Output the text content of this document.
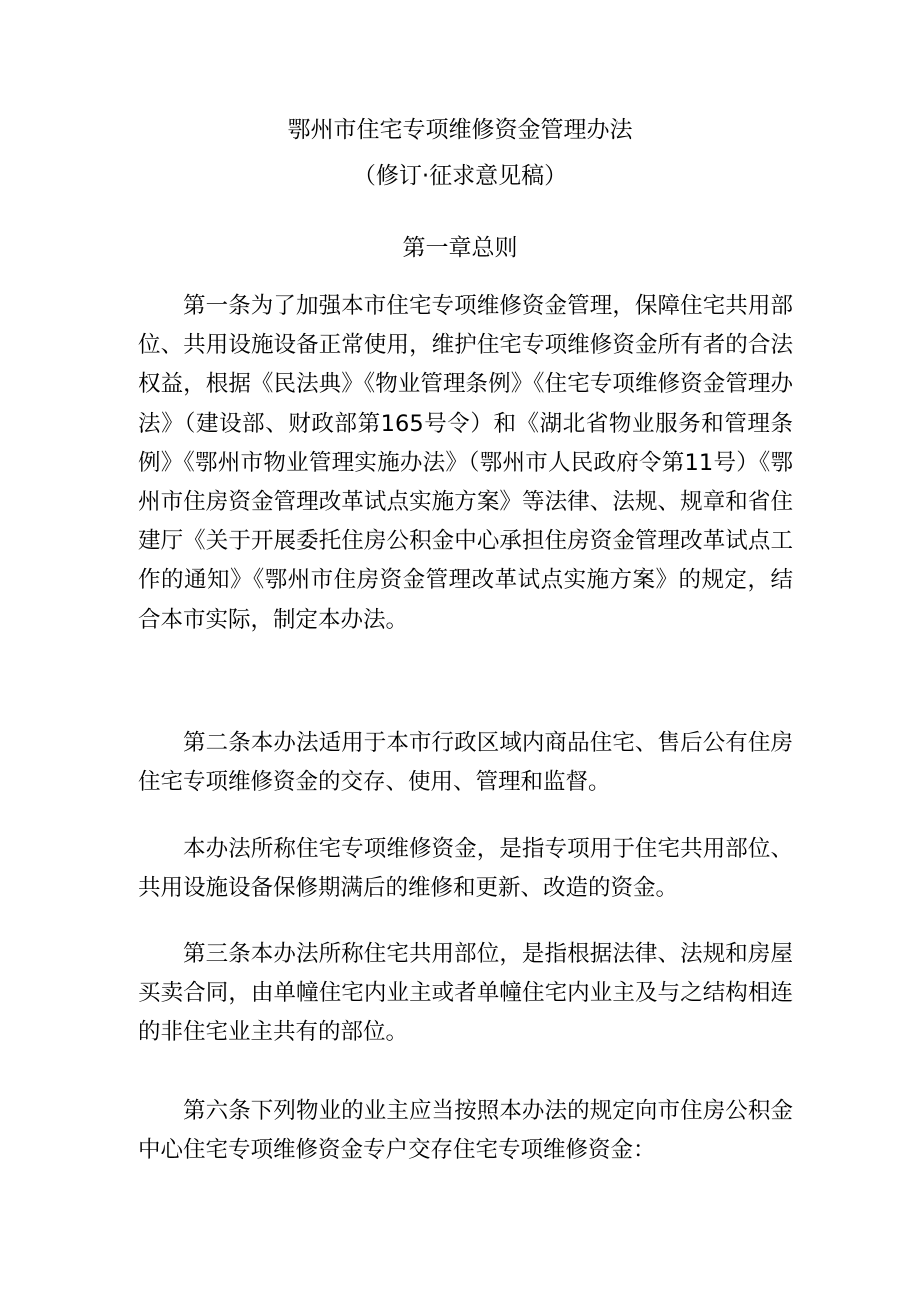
鄂州市住宅专项维修资金管理办法
（修订·征求意见稿）
第一章总则
第一条为了加强本市住宅专项维修资金管理，保障住宅共用部位、共用设施设备正常使用，维护住宅专项维修资金所有者的合法权益，根据《民法典》《物业管理条例》《住宅专项维修资金管理办法》（建设部、财政部第165号令）和《湖北省物业服务和管理条例》《鄂州市物业管理实施办法》（鄂州市人民政府令第11号）《鄂州市住房资金管理改革试点实施方案》等法律、法规、规章和省住建厅《关于开展委托住房公积金中心承担住房资金管理改革试点工作的通知》《鄂州市住房资金管理改革试点实施方案》的规定，结合本市实际，制定本办法。
第二条本办法适用于本市行政区域内商品住宅、售后公有住房住宅专项维修资金的交存、使用、管理和监督。
本办法所称住宅专项维修资金，是指专项用于住宅共用部位、共用设施设备保修期满后的维修和更新、改造的资金。
第三条本办法所称住宅共用部位，是指根据法律、法规和房屋买卖合同，由单幢住宅内业主或者单幢住宅内业主及与之结构相连的非住宅业主共有的部位。
第六条下列物业的业主应当按照本办法的规定向市住房公积金中心住宅专项维修资金专户交存住宅专项维修资金：
